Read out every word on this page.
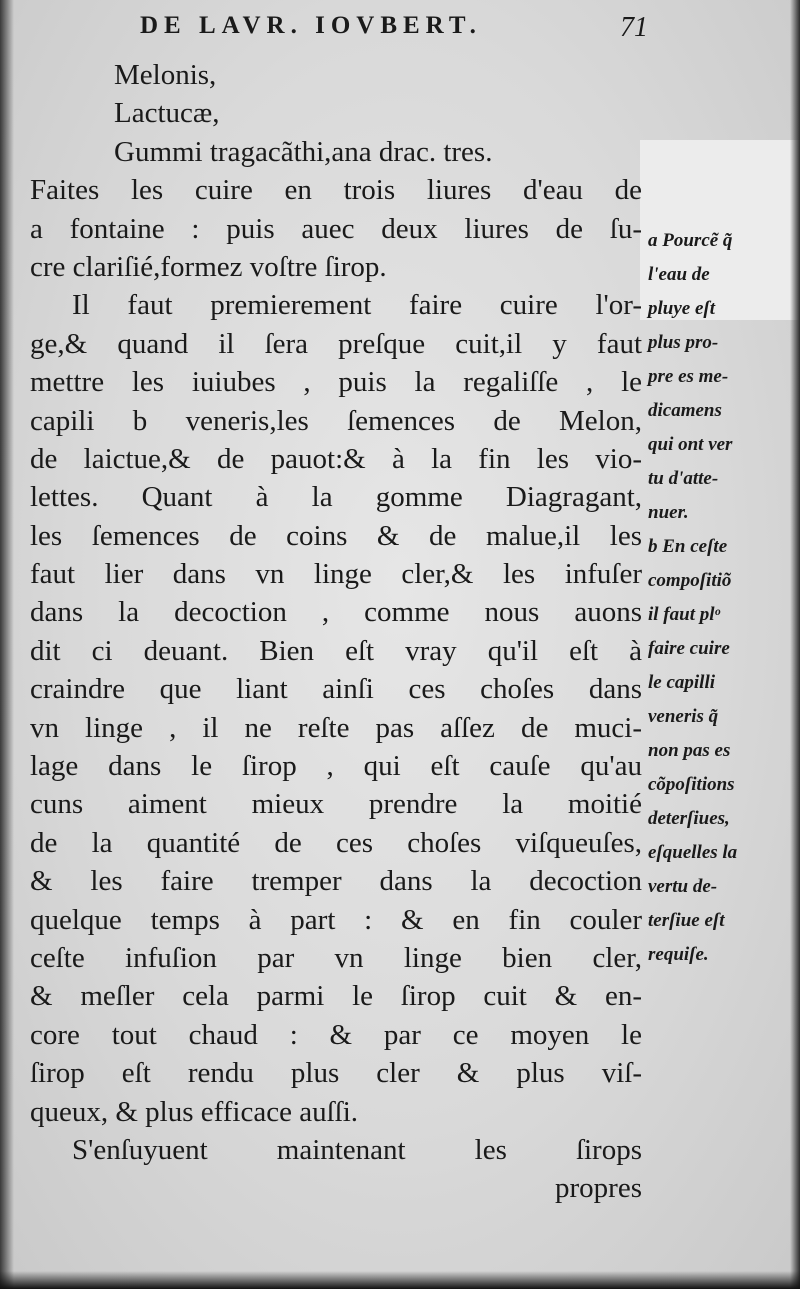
DE LAVR. IOVBERT.	71
Melonis,
Lactucæ,
Gummi tragacãthi,ana drac. tres.
Faites les cuire en trois liures d'eau de
a fontaine : puis auec deux liures de ſu-
cre clariſié,formez voſtre ſirop.
Il faut premierement faire cuire l'or-
ge,& quand il ſera preſque cuit,il y faut
mettre les iuiubes , puis la regaliſſe , le
capili b veneris,les ſemences de Melon,
de laictue,& de pauot:& à la fin les vio-
lettes. Quant à la gomme Diagragant,
les ſemences de coins & de malue,il les
faut lier dans vn linge cler,& les infuſer
dans la decoction , comme nous auons
dit ci deuant. Bien eſt vray qu'il eſt à
craindre que liant ainſi ces choſes dans
vn linge , il ne reſte pas aſſez de muci-
lage dans le ſirop , qui eſt cauſe qu'au
cuns aiment mieux prendre la moitié
de la quantité de ces choſes viſqueuſes,
& les faire tremper dans la decoction
quelque temps à part : & en fin couler
ceſte infuſion par vn linge bien cler,
& meſler cela parmi le ſirop cuit & en-
core tout chaud : & par ce moyen le
ſirop eſt rendu plus cler & plus viſ-
queux, & plus efficace auſſi.
S'enſuyuent maintenant les ſirops
propres
a Pourcẽ q̃
l'eau de
pluye eſt
plus pro-
pre es me-
dicamens
qui ont ver
tu d'atte-
nuer.
b En ceſte
compoſitiõ
il faut plᵒ
faire cuire
le capilli
veneris q̃
non pas es
cõpoſitions
deterſiues,
eſquelles la
vertu de-
terſiue eſt
requiſe.
